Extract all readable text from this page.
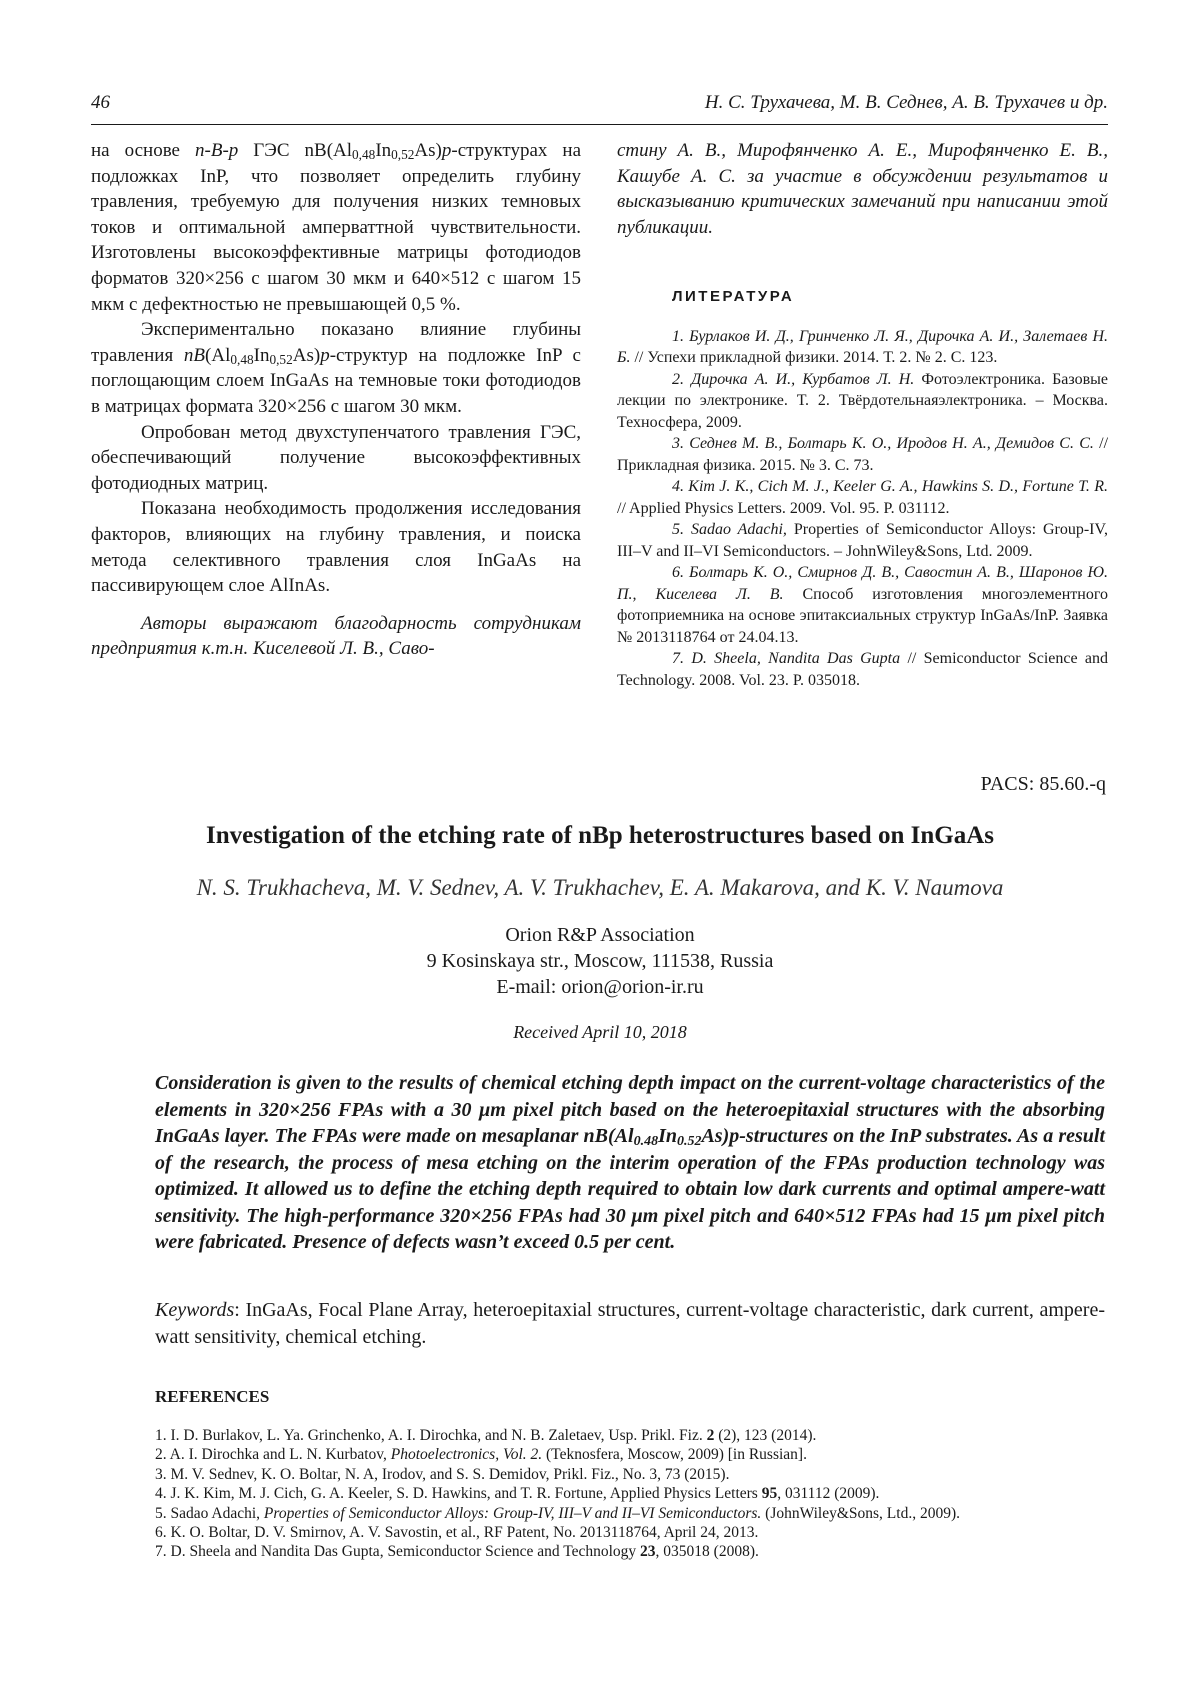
46	Н. С. Трухачева, М. В. Седнев, А. В. Трухачев и др.

на основе n-B-p ГЭС $nB(Al_{0,48}In_{0,52}As)p$-структурах на подложках InP, что позволяет определить глубину травления, требуемую для получения низких темновых токов и оптимальной амперваттной чувствительности. Изготовлены высокоэффективные матрицы фотодиодов форматов 320×256 с шагом 30 мкм и 640×512 с шагом 15 мкм с дефектностью не превышающей 0,5 %.

Экспериментально показано влияние глубины травления $nB(Al_{0,48}In_{0,52}As)p$-структур на подложке InP с поглощающим слоем InGaAs на темновые токи фотодиодов в матрицах формата 320×256 с шагом 30 мкм.

Опробован метод двухступенчатого травления ГЭС, обеспечивающий получение высокоэффективных фотодиодных матриц.

Показана необходимость продолжения исследования факторов, влияющих на глубину травления, и поиска метода селективного травления слоя InGaAs на пассивирующем слое AlInAs.

Авторы выражают благодарность сотрудникам предприятия к.т.н. Киселевой Л. В., Саво-

стину А. В., Мирофянченко А. Е., Мирофянченко Е. В., Кашубе А. С. за участие в обсуждении результатов и высказыванию критических замечаний при написании этой публикации.

ЛИТЕРАТУРА

1. Бурлаков И. Д., Гринченко Л. Я., Дирочка А. И., Залетаев Н. Б. // Успехи прикладной физики. 2014. Т. 2. № 2. С. 123.

2. Дирочка А. И., Курбатов Л. Н. Фотоэлектроника. Базовые лекции по электронике. Т. 2. Твёрдотельнаяэлектроника. – Москва. Техносфера, 2009.

3. Седнев М. В., Болтарь К. О., Иродов Н. А., Демидов С. С. // Прикладная физика. 2015. № 3. С. 73.

4. Kim J. K., Cich M. J., Keeler G. A., Hawkins S. D., Fortune T. R. // Applied Physics Letters. 2009. Vol. 95. P. 031112.

5. Sadao Adachi, Properties of Semiconductor Alloys: Group-IV, III–V and II–VI Semiconductors. – JohnWiley&Sons, Ltd. 2009.

6. Болтарь К. О., Смирнов Д. В., Савостин А. В., Шаронов Ю. П., Киселева Л. В. Способ изготовления многоэлементного фотоприемника на основе эпитаксиальных структур InGaAs/InP. Заявка № 2013118764 от 24.04.13.

7. D. Sheela, Nandita Das Gupta // Semiconductor Science and Technology. 2008. Vol. 23. P. 035018.

PACS: 85.60.-q
Investigation of the etching rate of nBp heterostructures based on InGaAs
N. S. Trukhacheva, M. V. Sednev, A. V. Trukhachev, E. A. Makarova, and K. V. Naumova
Orion R&P Association
9 Kosinskaya str., Moscow, 111538, Russia
E-mail: orion@orion-ir.ru
Received April 10, 2018
Consideration is given to the results of chemical etching depth impact on the current-voltage characteristics of the elements in 320×256 FPAs with a 30 μm pixel pitch based on the heteroepitaxial structures with the absorbing InGaAs layer. The FPAs were made on mesaplanar $nB(Al_{0.48}In_{0.52}As)p$-structures on the InP substrates. As a result of the research, the process of mesa etching on the interim operation of the FPAs production technology was optimized. It allowed us to define the etching depth required to obtain low dark currents and optimal ampere-watt sensitivity. The high-performance 320×256 FPAs had 30 μm pixel pitch and 640×512 FPAs had 15 μm pixel pitch were fabricated. Presence of defects wasn’t exceed 0.5 per cent.
Keywords: InGaAs, Focal Plane Array, heteroepitaxial structures, current-voltage characteristic, dark current, ampere-watt sensitivity, chemical etching.
REFERENCES
1. I. D. Burlakov, L. Ya. Grinchenko, A. I. Dirochka, and N. B. Zaletaev, Usp. Prikl. Fiz. 2 (2), 123 (2014).
2. A. I. Dirochka and L. N. Kurbatov, Photoelectronics, Vol. 2. (Teknosfera, Moscow, 2009) [in Russian].
3. M. V. Sednev, K. O. Boltar, N. A, Irodov, and S. S. Demidov, Prikl. Fiz., No. 3, 73 (2015).
4. J. K. Kim, M. J. Cich, G. A. Keeler, S. D. Hawkins, and T. R. Fortune, Applied Physics Letters 95, 031112 (2009).
5. Sadao Adachi, Properties of Semiconductor Alloys: Group-IV, III–V and II–VI Semiconductors. (JohnWiley&Sons, Ltd., 2009).
6. K. O. Boltar, D. V. Smirnov, A. V. Savostin, et al., RF Patent, No. 2013118764, April 24, 2013.
7. D. Sheela and Nandita Das Gupta, Semiconductor Science and Technology 23, 035018 (2008).
